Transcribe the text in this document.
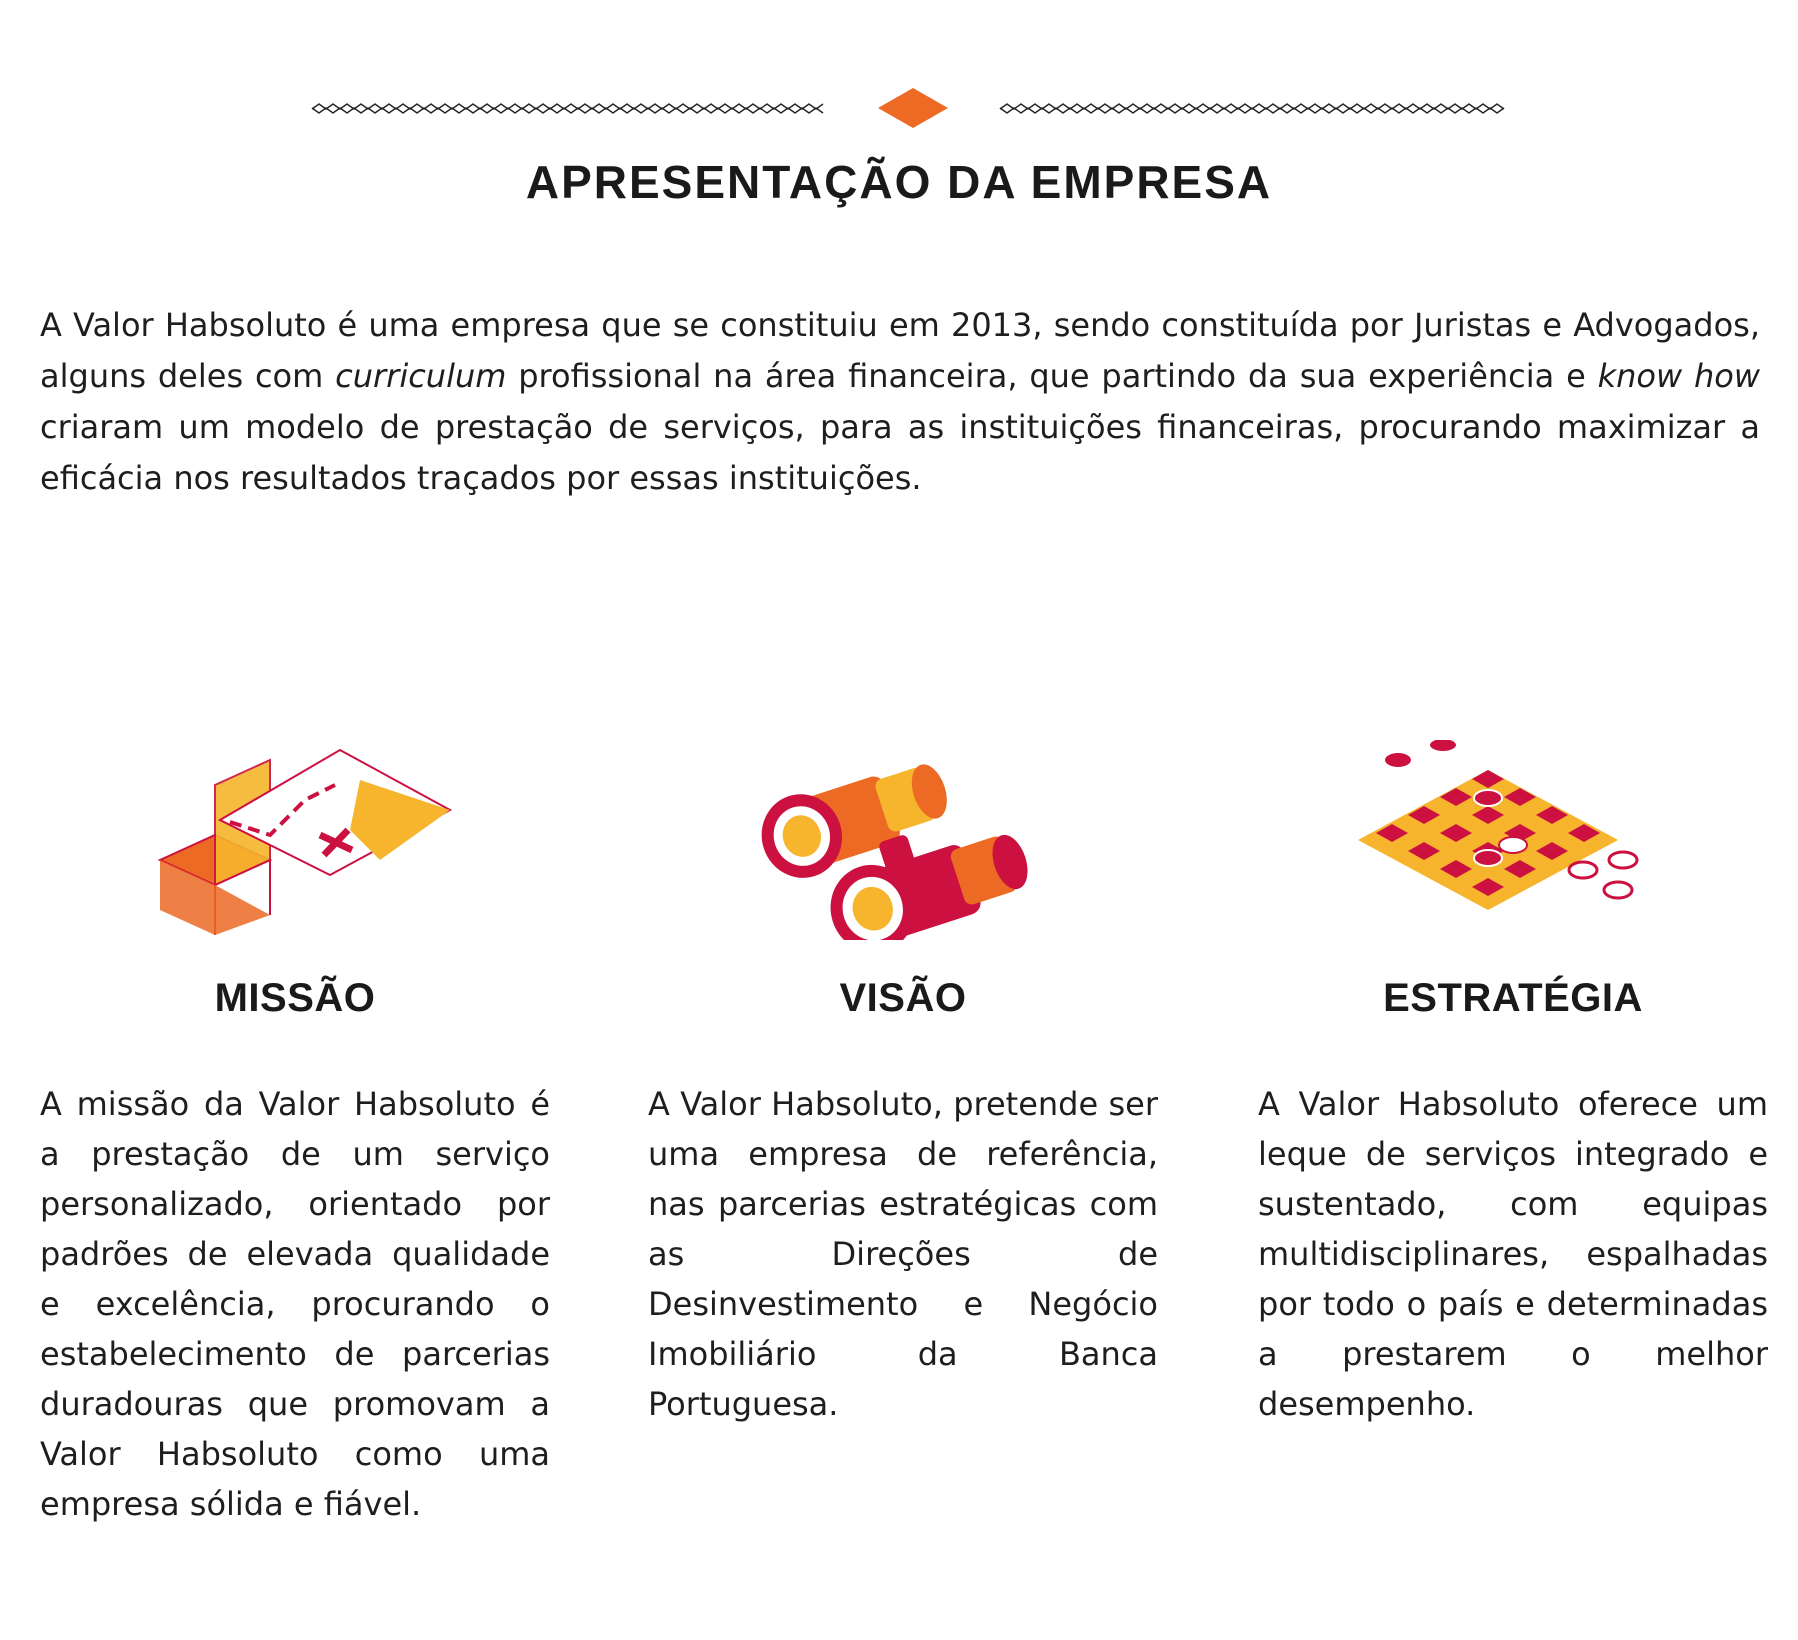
APRESENTAÇÃO DA EMPRESA

A Valor Habsoluto é uma empresa que se constituiu em 2013, sendo constituída por Juristas e Advogados, alguns deles com curriculum profissional na área financeira, que partindo da sua experiência e know how criaram um modelo de prestação de serviços, para as instituições financeiras, procurando maximizar a eficácia nos resultados traçados por essas instituições.

MISSÃO

A missão da Valor Habsoluto é a prestação de um serviço personalizado, orientado por padrões de elevada qualidade e excelência, procurando o estabelecimento de parcerias duradouras que promovam a Valor Habsoluto como uma empresa sólida e fiável.

VISÃO

A Valor Habsoluto, pretende ser uma empresa de referência, nas parcerias estratégicas com as Direções de Desinvestimento e Negócio Imobiliário da Banca Portuguesa.

ESTRATÉGIA

A Valor Habsoluto oferece um leque de serviços integrado e sustentado, com equipas multidisciplinares, espalhadas por todo o país e determinadas a prestarem o melhor desempenho.
